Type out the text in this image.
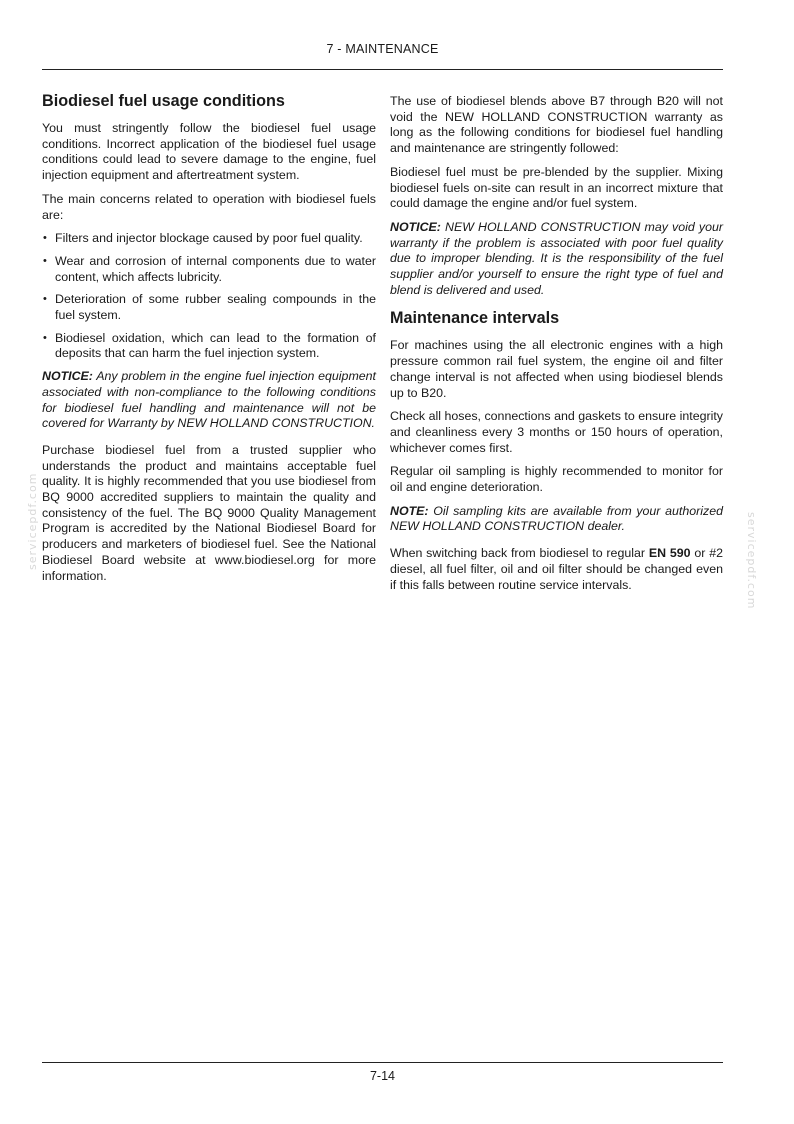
7 - MAINTENANCE
Biodiesel fuel usage conditions

You must stringently follow the biodiesel fuel usage conditions. Incorrect application of the biodiesel fuel usage conditions could lead to severe damage to the engine, fuel injection equipment and aftertreatment system.

The main concerns related to operation with biodiesel fuels are:

• Filters and injector blockage caused by poor fuel quality.
• Wear and corrosion of internal components due to water content, which affects lubricity.
• Deterioration of some rubber sealing compounds in the fuel system.
• Biodiesel oxidation, which can lead to the formation of deposits that can harm the fuel injection system.

NOTICE: Any problem in the engine fuel injection equipment associated with non-compliance to the following conditions for biodiesel fuel handling and maintenance will not be covered for Warranty by NEW HOLLAND CONSTRUCTION.

Purchase biodiesel fuel from a trusted supplier who understands the product and maintains acceptable fuel quality. It is highly recommended that you use biodiesel from BQ 9000 accredited suppliers to maintain the quality and consistency of the fuel. The BQ 9000 Quality Management Program is accredited by the National Biodiesel Board for producers and marketers of biodiesel fuel. See the National Biodiesel Board website at www.biodiesel.org for more information.

The use of biodiesel blends above B7 through B20 will not void the NEW HOLLAND CONSTRUCTION warranty as long as the following conditions for biodiesel fuel handling and maintenance are stringently followed:

Biodiesel fuel must be pre-blended by the supplier. Mixing biodiesel fuels on-site can result in an incorrect mixture that could damage the engine and/or fuel system.

NOTICE: NEW HOLLAND CONSTRUCTION may void your warranty if the problem is associated with poor fuel quality due to improper blending. It is the responsibility of the fuel supplier and/or yourself to ensure the right type of fuel and blend is delivered and used.

Maintenance intervals

For machines using the all electronic engines with a high pressure common rail fuel system, the engine oil and filter change interval is not affected when using biodiesel blends up to B20.

Check all hoses, connections and gaskets to ensure integrity and cleanliness every 3 months or 150 hours of operation, whichever comes first.

Regular oil sampling is highly recommended to monitor for oil and engine deterioration.

NOTE: Oil sampling kits are available from your authorized NEW HOLLAND CONSTRUCTION dealer.

When switching back from biodiesel to regular EN 590 or #2 diesel, all fuel filter, oil and oil filter should be changed even if this falls between routine service intervals.

servicepdf.com	servicepdf.com
7-14
